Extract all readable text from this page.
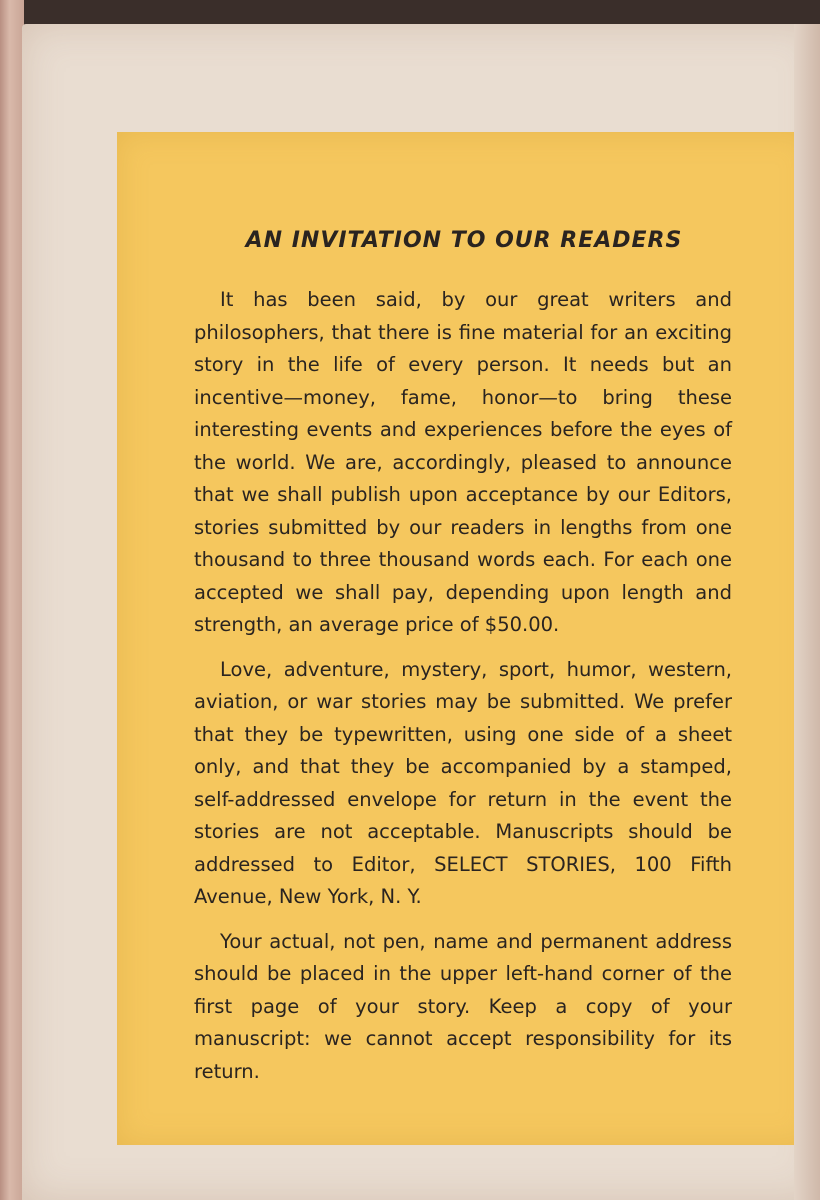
AN INVITATION TO OUR READERS

It has been said, by our great writers and philosophers, that there is fine material for an exciting story in the life of every person. It needs but an incentive—money, fame, honor—to bring these interesting events and experiences before the eyes of the world. We are, accordingly, pleased to announce that we shall publish upon acceptance by our Editors, stories submitted by our readers in lengths from one thousand to three thousand words each. For each one accepted we shall pay, depending upon length and strength, an average price of $50.00.

Love, adventure, mystery, sport, humor, western, aviation, or war stories may be submitted. We prefer that they be typewritten, using one side of a sheet only, and that they be accompanied by a stamped, self-addressed envelope for return in the event the stories are not acceptable. Manuscripts should be addressed to Editor, SELECT STORIES, 100 Fifth Avenue, New York, N. Y.

Your actual, not pen, name and permanent address should be placed in the upper left-hand corner of the first page of your story. Keep a copy of your manuscript: we cannot accept responsibility for its return.
